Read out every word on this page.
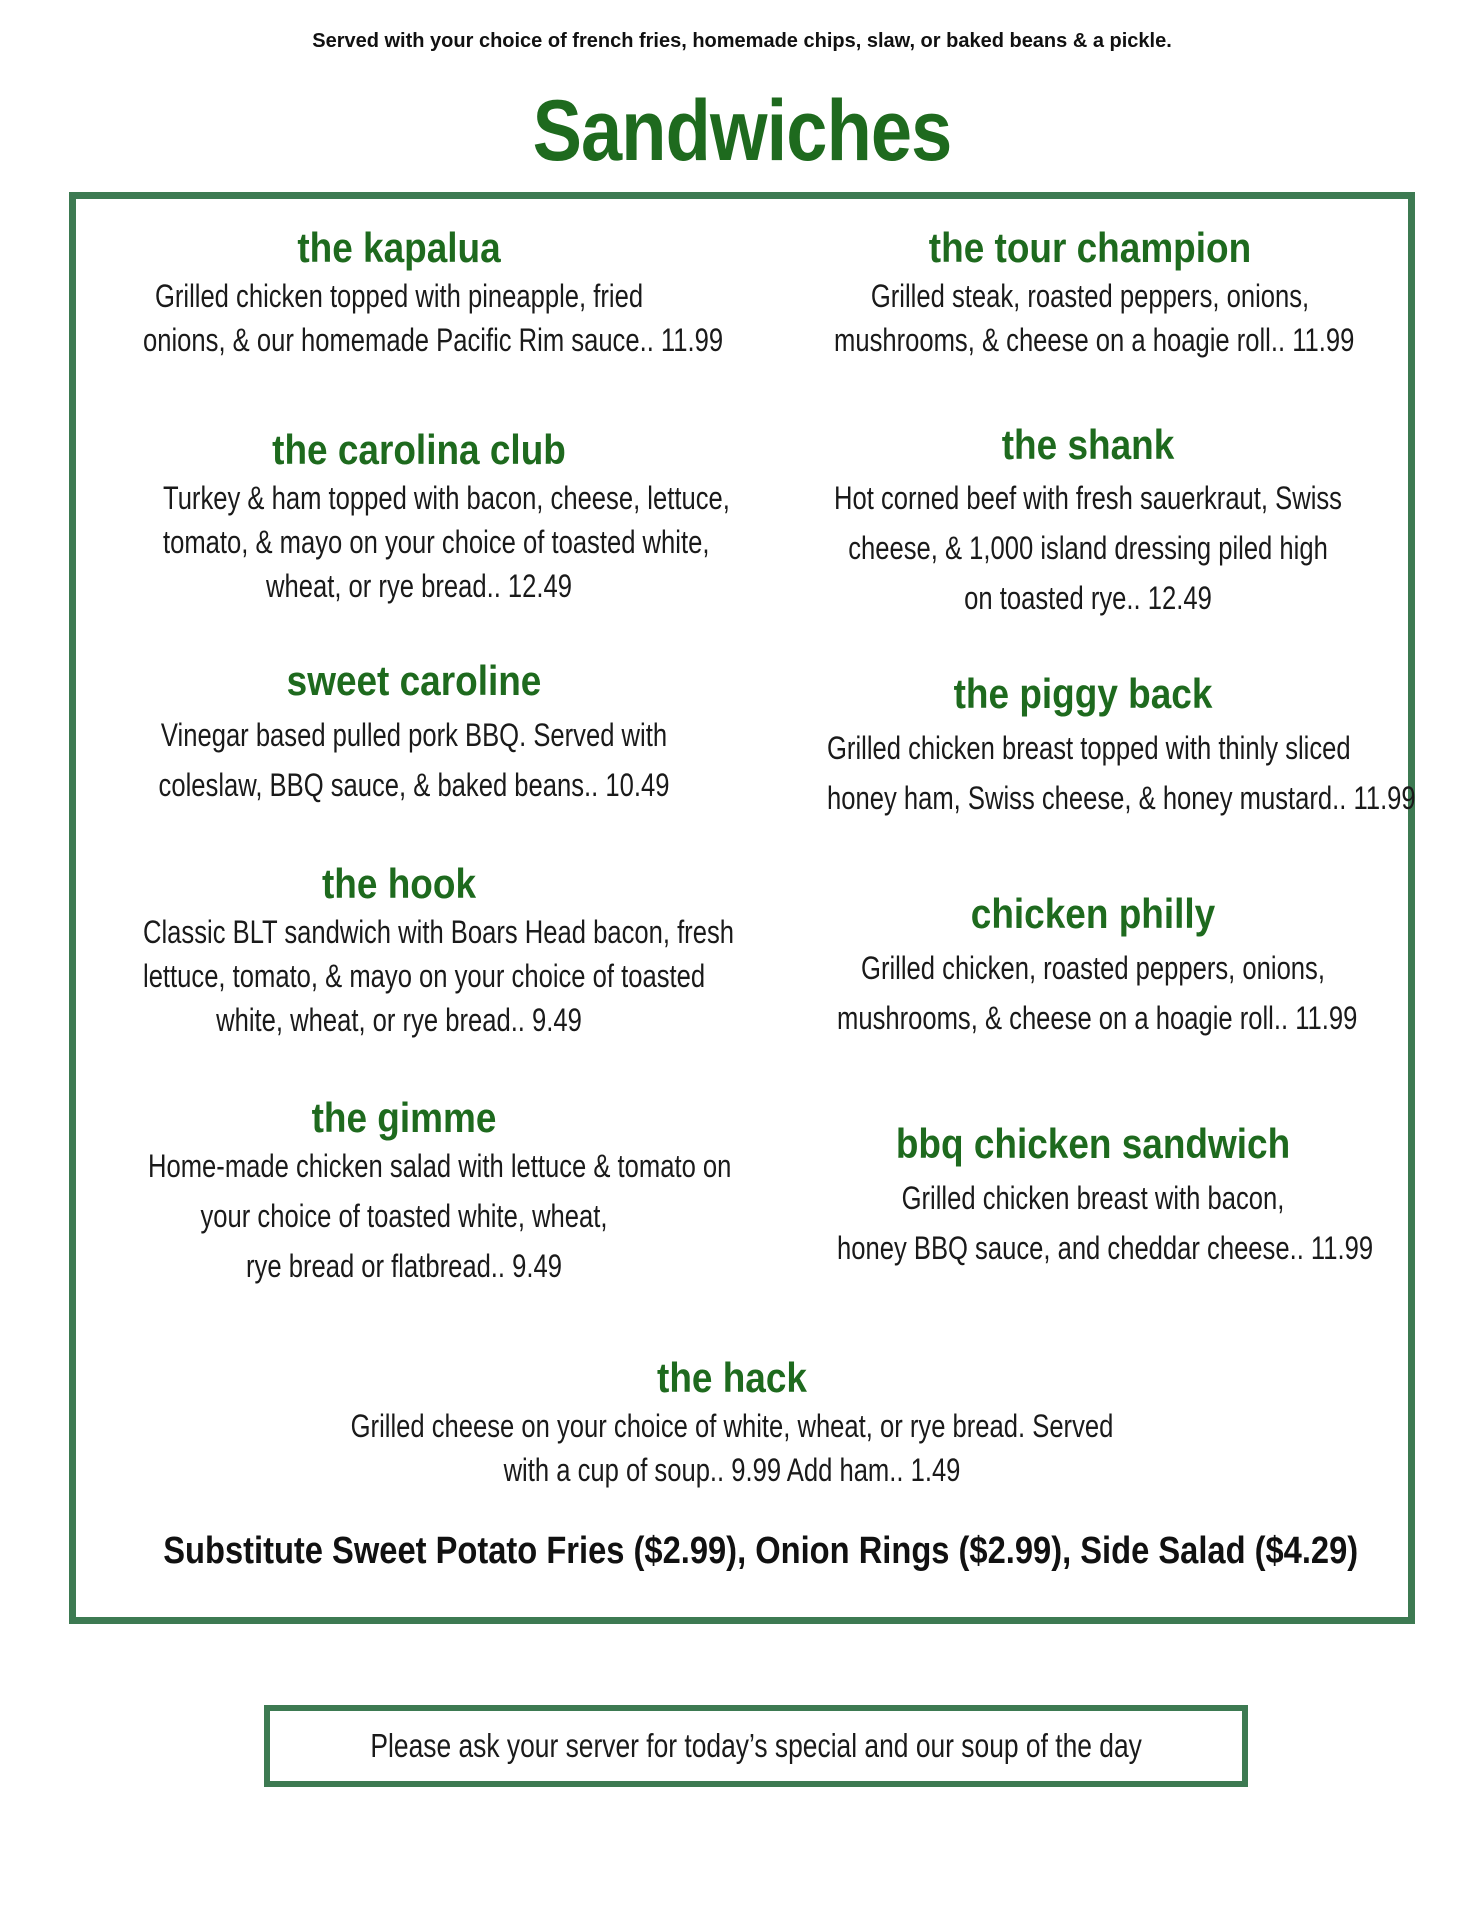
Served with your choice of french fries, homemade chips, slaw, or baked beans & a pickle.
Sandwiches
the kapalua
Grilled chicken topped with pineapple, fried
onions, & our homemade Pacific Rim sauce.. 11.99
the carolina club
Turkey & ham topped with bacon, cheese, lettuce,
tomato, & mayo on your choice of toasted white,
wheat, or rye bread.. 12.49
sweet caroline
Vinegar based pulled pork BBQ. Served with
coleslaw, BBQ sauce, & baked beans.. 10.49
the hook
Classic BLT sandwich with Boars Head bacon, fresh
lettuce, tomato, & mayo on your choice of toasted
white, wheat, or rye bread.. 9.49
the gimme
Home-made chicken salad with lettuce & tomato on
your choice of toasted white, wheat,
rye bread or flatbread.. 9.49
the tour champion
Grilled steak, roasted peppers, onions,
mushrooms, & cheese on a hoagie roll.. 11.99
the shank
Hot corned beef with fresh sauerkraut, Swiss
cheese, & 1,000 island dressing piled high
on toasted rye.. 12.49
the piggy back
Grilled chicken breast topped with thinly sliced
honey ham, Swiss cheese, & honey mustard.. 11.99
chicken philly
Grilled chicken, roasted peppers, onions,
mushrooms, & cheese on a hoagie roll.. 11.99
bbq chicken sandwich
Grilled chicken breast with bacon,
honey BBQ sauce, and cheddar cheese.. 11.99
the hack
Grilled cheese on your choice of white, wheat, or rye bread. Served
with a cup of soup.. 9.99 Add ham.. 1.49
Substitute Sweet Potato Fries ($2.99), Onion Rings ($2.99), Side Salad ($4.29)
Please ask your server for today’s special and our soup of the day
